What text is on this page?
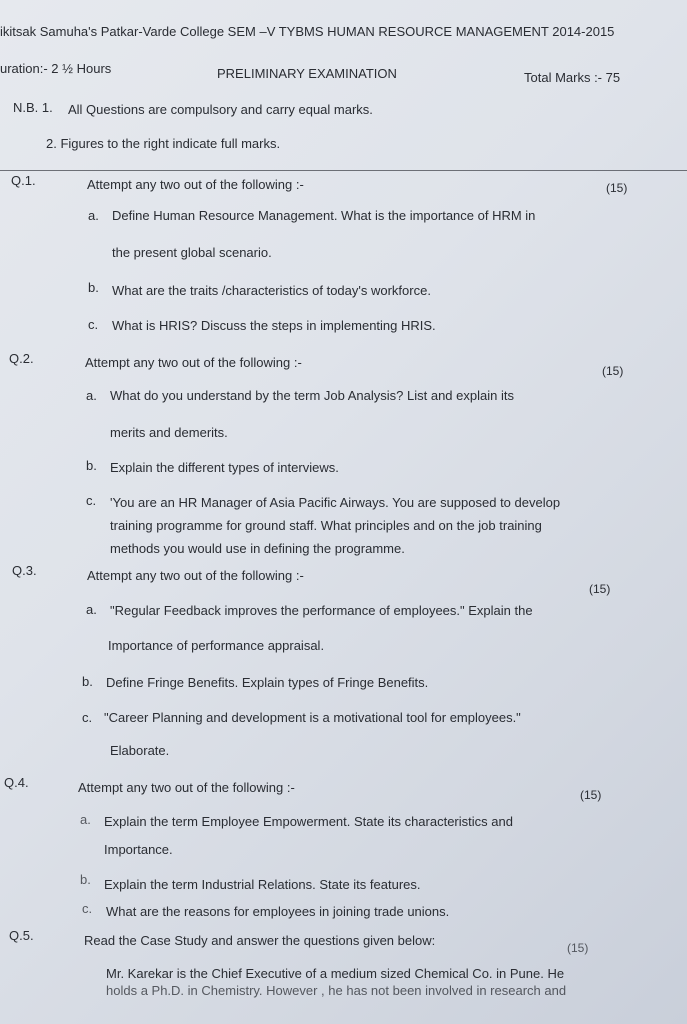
ikitsak Samuha's Patkar-Varde College SEM –V TYBMS HUMAN RESOURCE MANAGEMENT 2014-2015
uration:- 2 ½ Hours	PRELIMINARY EXAMINATION	Total Marks :- 75
N.B. 1. All Questions are compulsory and carry equal marks.
2. Figures to the right indicate full marks.
Q.1.	Attempt any two out of the following :-	(15)
a. Define Human Resource Management. What is the importance of HRM in
the present global scenario.
b. What are the traits /characteristics of today's workforce.
c. What is HRIS? Discuss the steps in implementing HRIS.
Q.2.	Attempt any two out of the following :-
(15)
a. What do you understand by the term Job Analysis? List and explain its
merits and demerits.
b. Explain the different types of interviews.
c. 'You are an HR Manager of Asia Pacific Airways. You are supposed to develop
training programme for ground staff. What principles and on the job training
methods you would use in defining the programme.
Q.3.	Attempt any two out of the following :-
(15)
a. "Regular Feedback improves the performance of employees." Explain the
Importance of performance appraisal.
b. Define Fringe Benefits. Explain types of Fringe Benefits.
c. "Career Planning and development is a motivational tool for employees."
Elaborate.
Q.4.	Attempt any two out of the following :-	(15)
a. Explain the term Employee Empowerment. State its characteristics and
Importance.
b. Explain the term Industrial Relations. State its features.
c. What are the reasons for employees in joining trade unions.
Q.5.	Read the Case Study and answer the questions given below:	(15)
Mr. Karekar is the Chief Executive of a medium sized Chemical Co. in Pune. He
holds a Ph.D. in Chemistry. However , he has not been involved in research and
